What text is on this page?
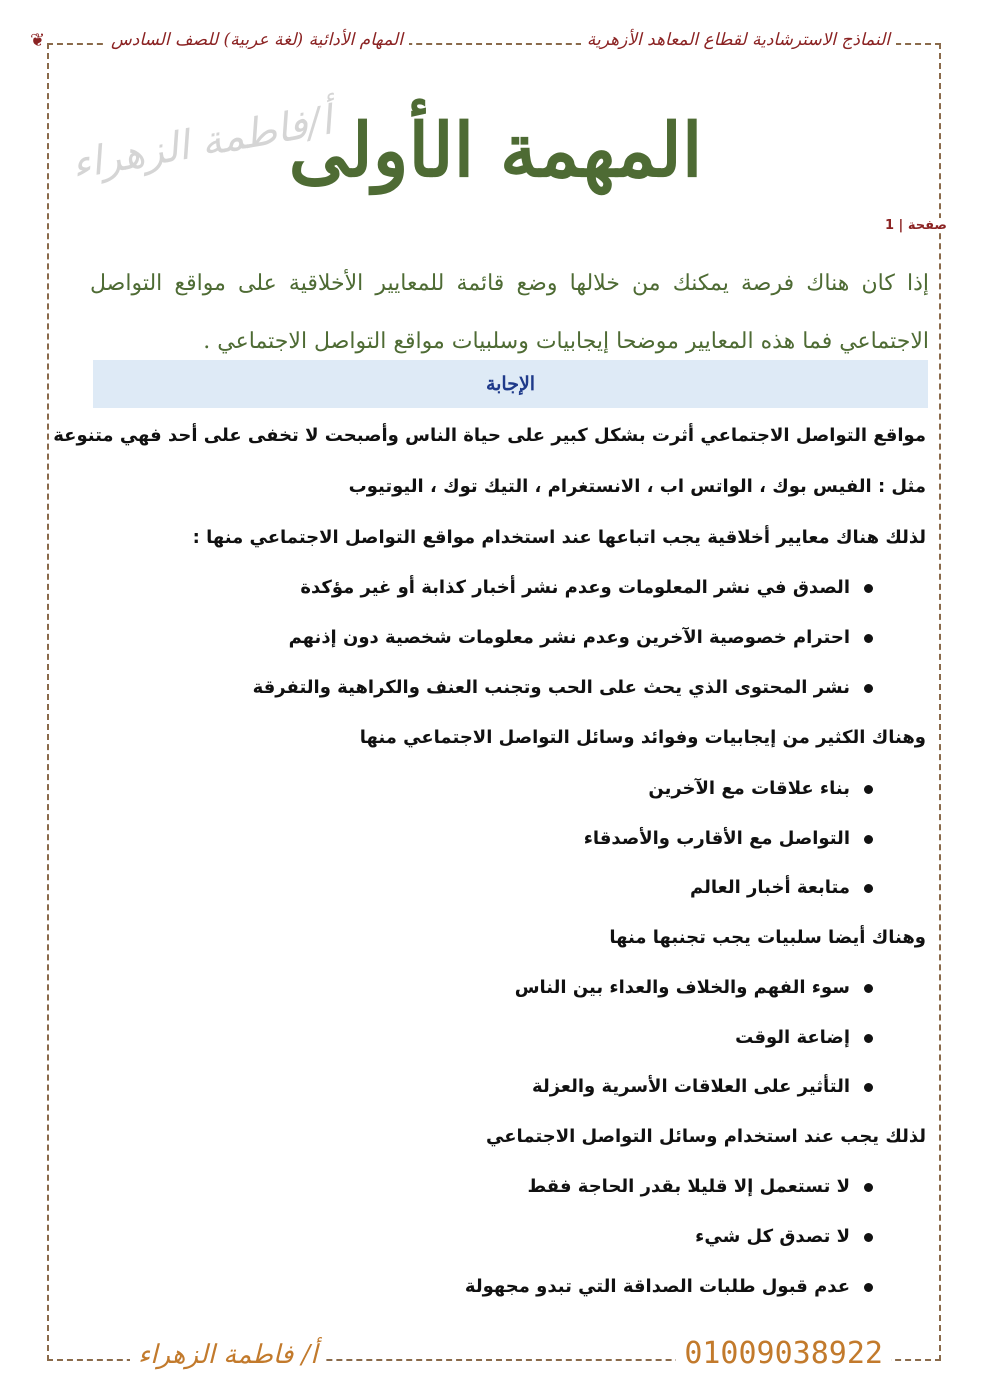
النماذج الاسترشادية لقطاع المعاهد الأزهرية
المهام الأدائية (لغة عربية) للصف السادس
❦
أ/فاطمة الزهراء
المهمة الأولى
صفحة | 1
إذا كان هناك فرصة يمكنك من خلالها وضع قائمة للمعايير الأخلاقية على مواقع التواصل الاجتماعي فما هذه المعايير موضحا إيجابيات وسلبيات مواقع التواصل الاجتماعي .
الإجابة
مواقع التواصل الاجتماعي أثرت بشكل كبير على حياة الناس وأصبحت لا تخفى على أحد فهي متنوعة
مثل : الفيس بوك ، الواتس اب ، الانستغرام ، التيك توك ، اليوتيوب
لذلك هناك معايير أخلاقية يجب اتباعها عند استخدام مواقع التواصل الاجتماعي منها :
الصدق في نشر المعلومات وعدم نشر أخبار كذابة أو غير مؤكدة
احترام خصوصية الآخرين وعدم نشر معلومات شخصية دون إذنهم
نشر المحتوى الذي يحث على الحب وتجنب العنف والكراهية والتفرقة
وهناك الكثير من إيجابيات وفوائد وسائل التواصل الاجتماعي منها
بناء علاقات مع الآخرين
التواصل مع الأقارب والأصدقاء
متابعة أخبار العالم
وهناك أيضا سلبيات يجب تجنبها منها
سوء الفهم والخلاف والعداء بين الناس
إضاعة الوقت
التأثير على العلاقات الأسرية والعزلة
لذلك يجب عند استخدام وسائل التواصل الاجتماعي
لا تستعمل إلا قليلا بقدر الحاجة فقط
لا تصدق كل شيء
عدم قبول طلبات الصداقة التي تبدو مجهولة
أ/ فاطمة الزهراء	01009038922
